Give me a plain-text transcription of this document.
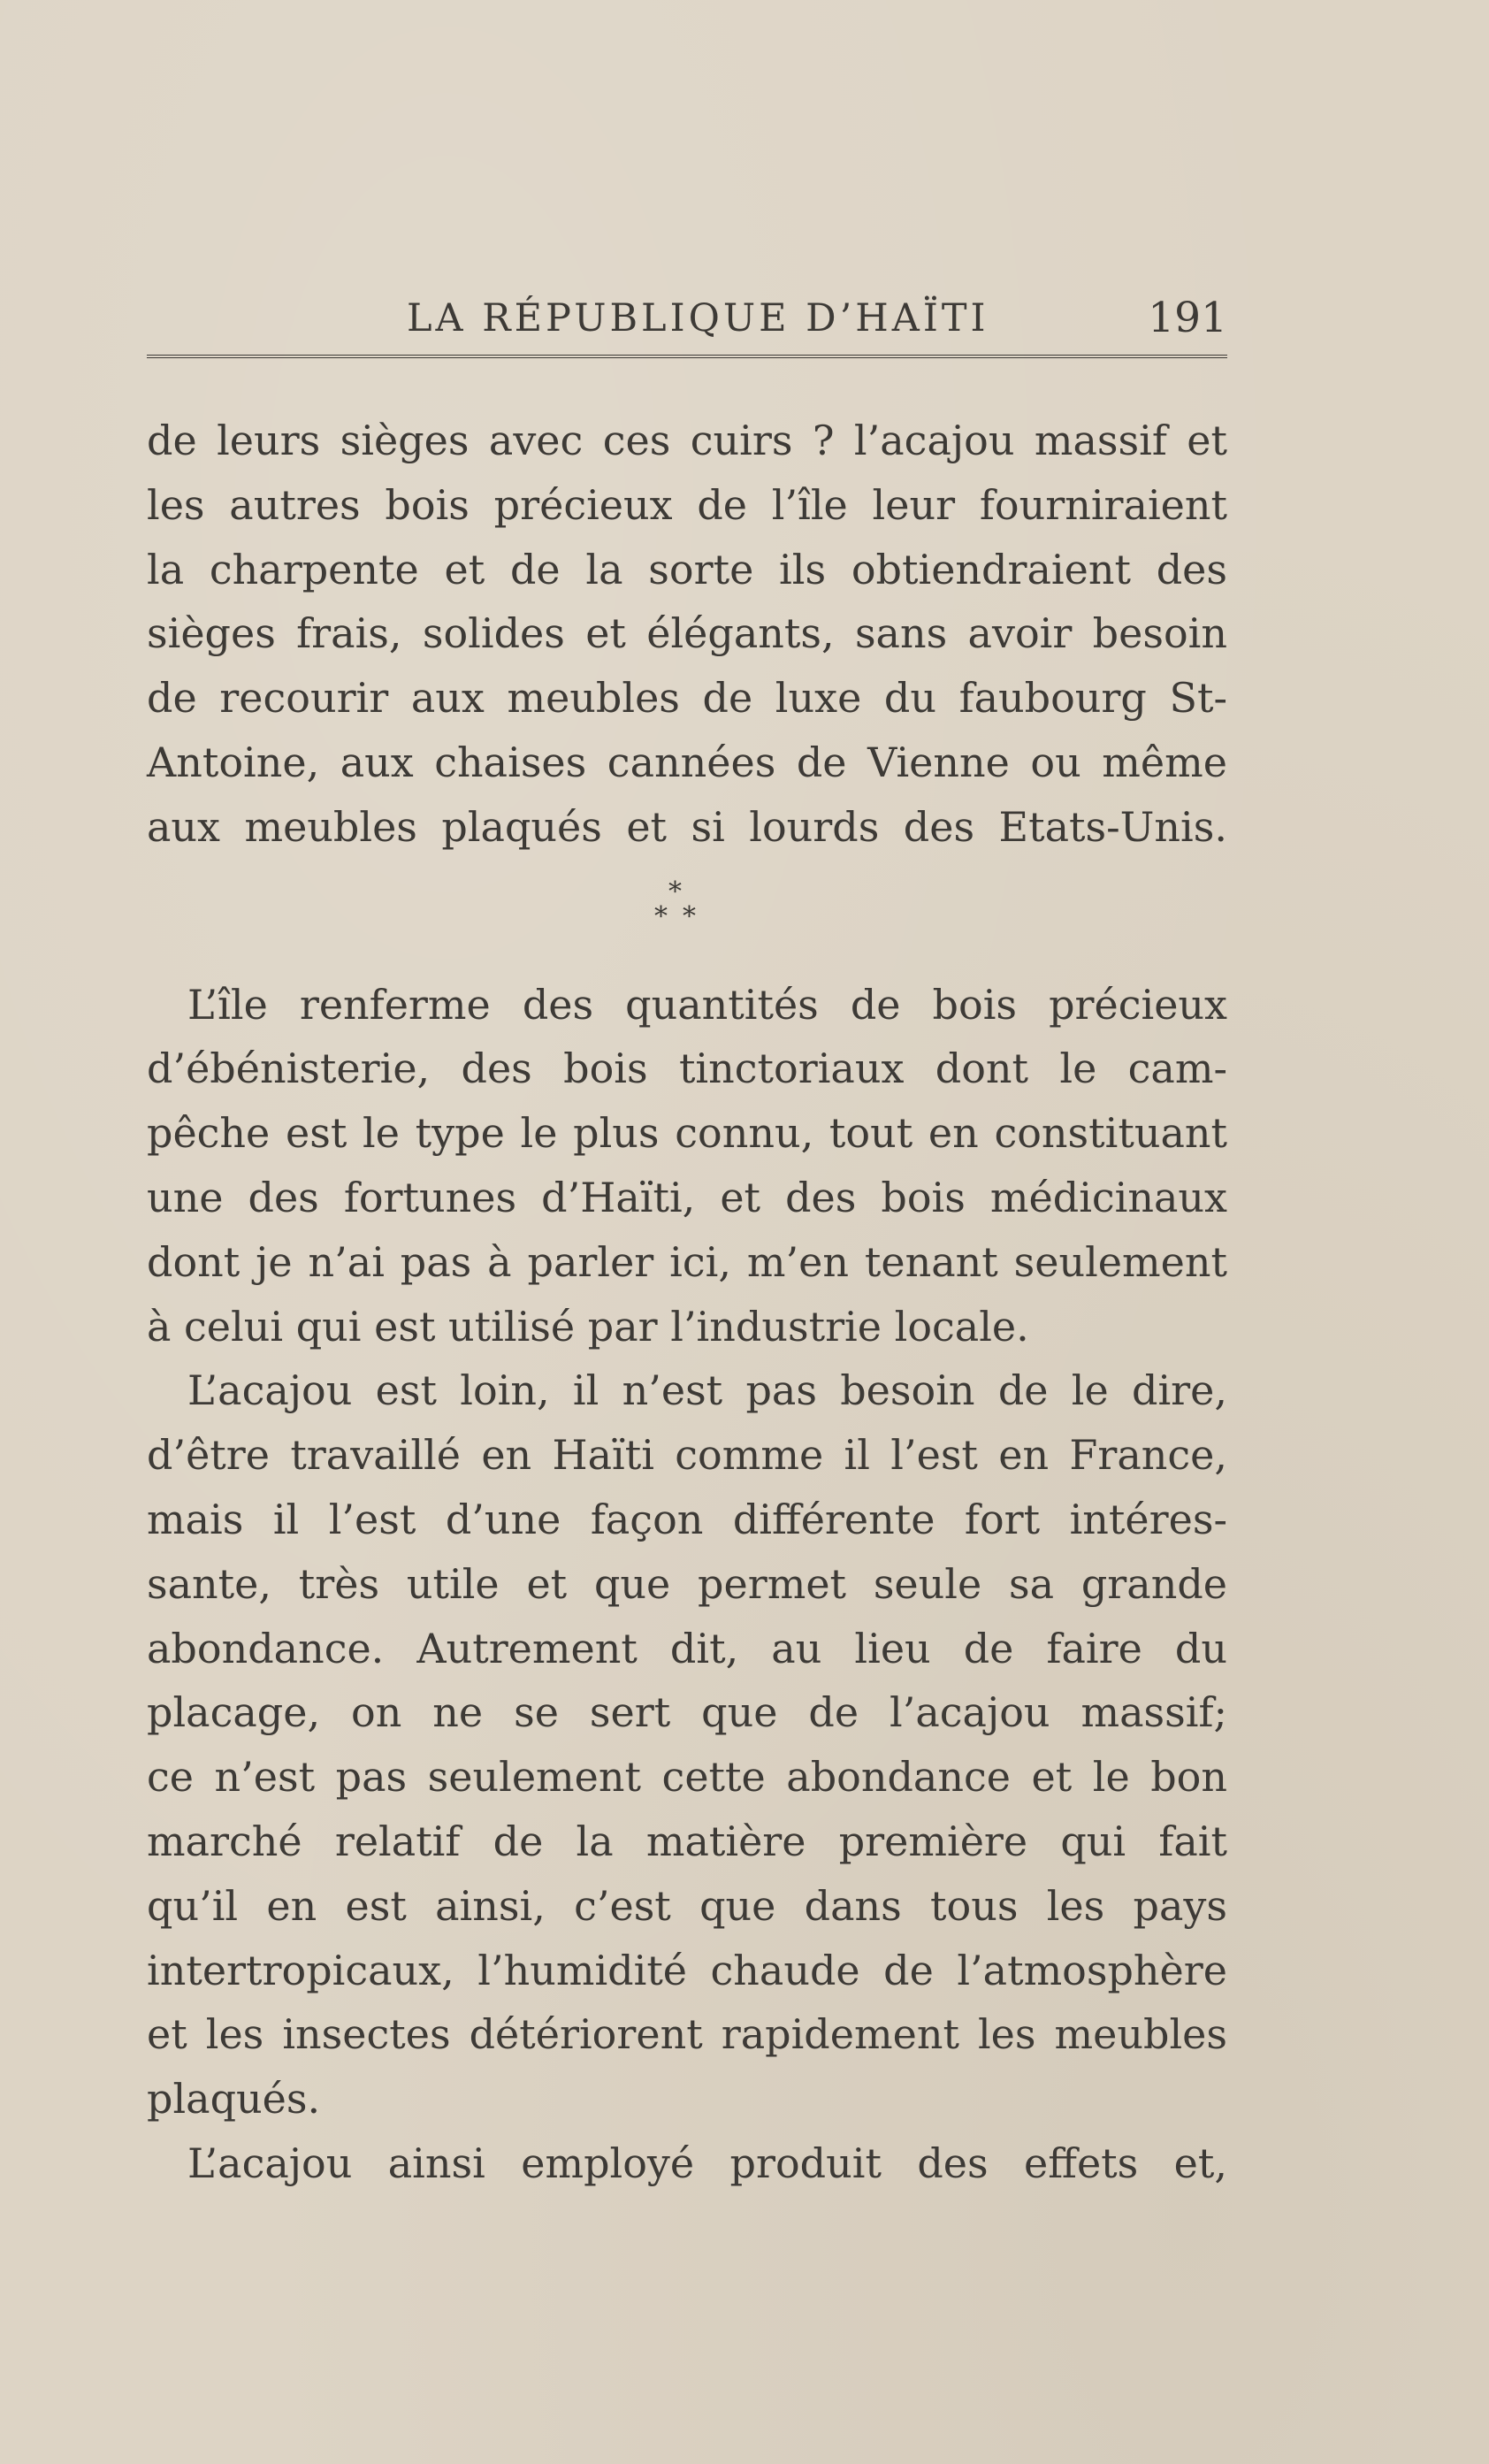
LA RÉPUBLIQUE D’HAÏTI	191
de leurs sièges avec ces cuirs ? l’acajou massif et
les autres bois précieux de l’île leur fourniraient
la charpente et de la sorte ils obtiendraient des
sièges frais, solides et élégants, sans avoir besoin
de recourir aux meubles de luxe du faubourg St-
Antoine, aux chaises cannées de Vienne ou même
aux meubles plaqués et si lourds des Etats-Unis.
*
* *
L’île renferme des quantités de bois précieux
d’ébénisterie, des bois tinctoriaux dont le cam-
pêche est le type le plus connu, tout en constituant
une des fortunes d’Haïti, et des bois médicinaux
dont je n’ai pas à parler ici, m’en tenant seulement
à celui qui est utilisé par l’industrie locale.
L’acajou est loin, il n’est pas besoin de le dire,
d’être travaillé en Haïti comme il l’est en France,
mais il l’est d’une façon différente fort intéres-
sante, très utile et que permet seule sa grande
abondance. Autrement dit, au lieu de faire du
placage, on ne se sert que de l’acajou massif;
ce n’est pas seulement cette abondance et le bon
marché relatif de la matière première qui fait
qu’il en est ainsi, c’est que dans tous les pays
intertropicaux, l’humidité chaude de l’atmosphère
et les insectes détériorent rapidement les meubles
plaqués.
L’acajou ainsi employé produit des effets et,
